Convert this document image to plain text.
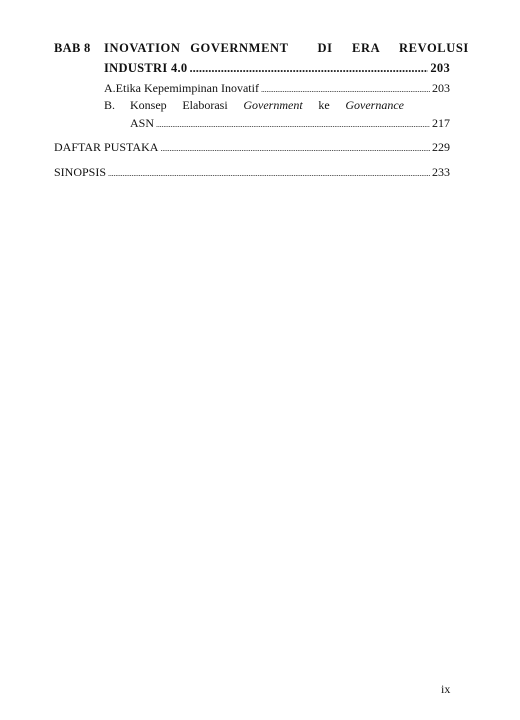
BAB 8 INOVATION GOVERNMENT   DI  ERA  REVOLUSI
INDUSTRI 4.0 .....	203
A. Etika Kepemimpinan Inovatif .....	203
B.	Konsep Elaborasi Government ke Governance
ASN .....	217
DAFTAR PUSTAKA .....	229
SINOPSIS .....	233
ix
